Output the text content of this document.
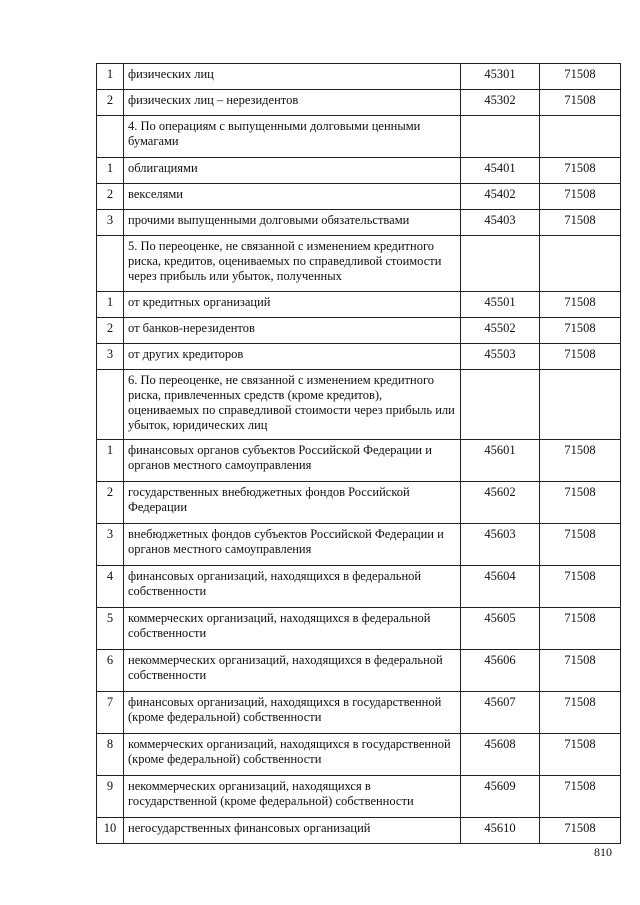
1	физических лиц	45301	71508
2	физических лиц – нерезидентов	45302	71508
	4. По операциям с выпущенными долговыми ценными бумагами		
1	облигациями	45401	71508
2	векселями	45402	71508
3	прочими выпущенными долговыми обязательствами	45403	71508
	5. По переоценке, не связанной с изменением кредитного риска, кредитов, оцениваемых по справедливой стоимости через прибыль или убыток, полученных		
1	от кредитных организаций	45501	71508
2	от банков-нерезидентов	45502	71508
3	от других кредиторов	45503	71508
	6. По переоценке, не связанной с изменением кредитного риска, привлеченных средств (кроме кредитов), оцениваемых по справедливой стоимости через прибыль или убыток, юридических лиц		
1	финансовых органов субъектов Российской Федерации и органов местного самоуправления	45601	71508
2	государственных внебюджетных фондов Российской Федерации	45602	71508
3	внебюджетных фондов субъектов Российской Федерации и органов местного самоуправления	45603	71508
4	финансовых организаций, находящихся в федеральной собственности	45604	71508
5	коммерческих организаций, находящихся в федеральной собственности	45605	71508
6	некоммерческих организаций, находящихся в федеральной собственности	45606	71508
7	финансовых организаций, находящихся в государственной (кроме федеральной) собственности	45607	71508
8	коммерческих организаций, находящихся в государственной (кроме федеральной) собственности	45608	71508
9	некоммерческих организаций, находящихся в государственной (кроме федеральной) собственности	45609	71508
10	негосударственных финансовых организаций	45610	71508
810
